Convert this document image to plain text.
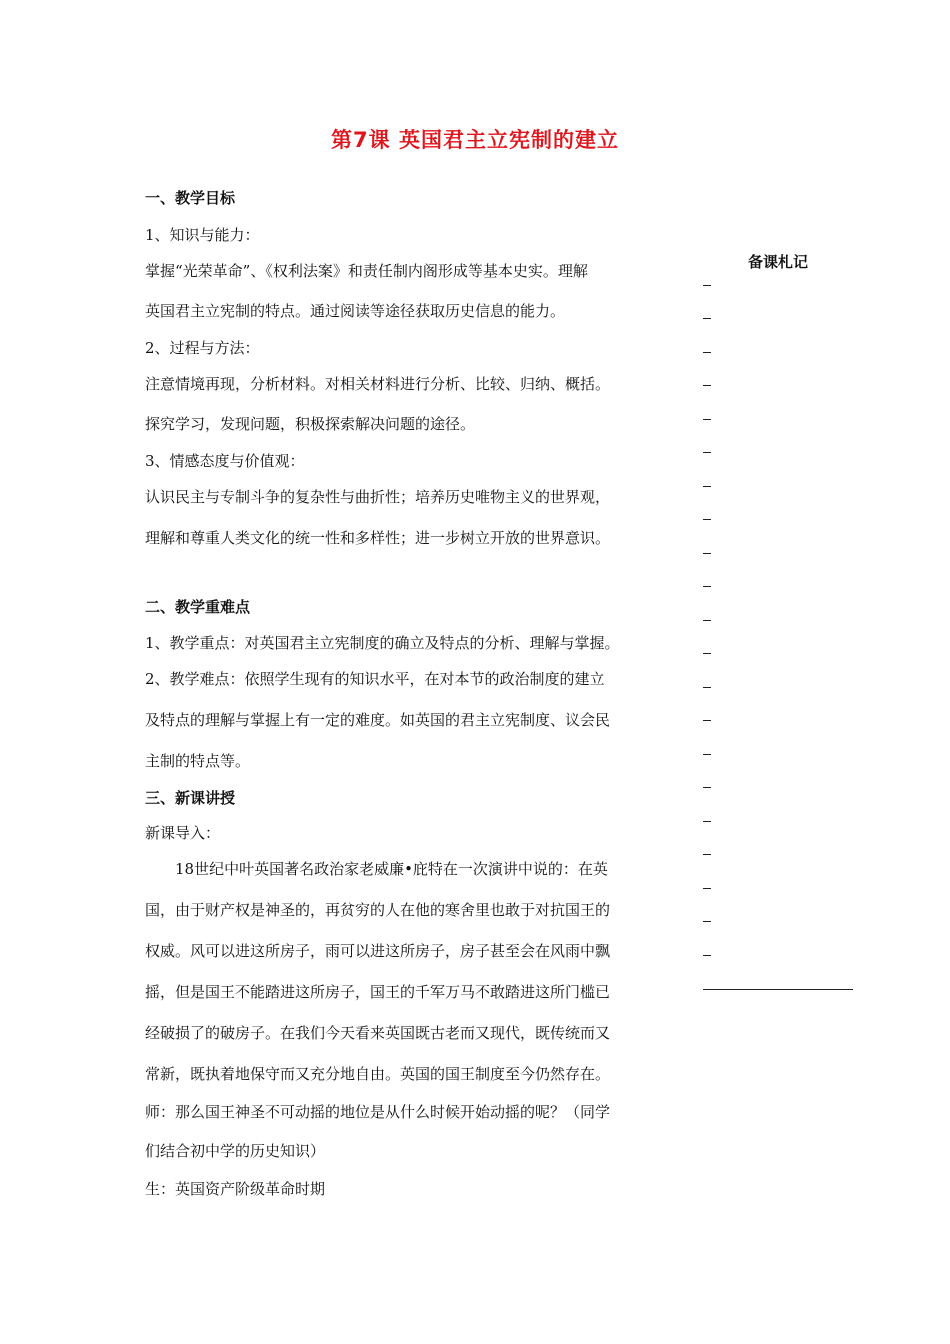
第7课 英国君主立宪制的建立
一、教学目标
1、知识与能力：
掌握“光荣革命”、《权利法案》和责任制内阁形成等基本史实。理解
英国君主立宪制的特点。通过阅读等途径获取历史信息的能力。
2、过程与方法：
注意情境再现，分析材料。对相关材料进行分析、比较、归纳、概括。
探究学习，发现问题，积极探索解决问题的途径。
3、情感态度与价值观：
认识民主与专制斗争的复杂性与曲折性；培养历史唯物主义的世界观，
理解和尊重人类文化的统一性和多样性；进一步树立开放的世界意识。
二、教学重难点
1、教学重点：对英国君主立宪制度的确立及特点的分析、理解与掌握。
2、教学难点：依照学生现有的知识水平，在对本节的政治制度的建立
及特点的理解与掌握上有一定的难度。如英国的君主立宪制度、议会民
主制的特点等。
三、新课讲授
新课导入：
18世纪中叶英国著名政治家老威廉•庇特在一次演讲中说的：在英
国，由于财产权是神圣的，再贫穷的人在他的寒舍里也敢于对抗国王的
权威。风可以进这所房子，雨可以进这所房子，房子甚至会在风雨中飘
摇，但是国王不能踏进这所房子，国王的千军万马不敢踏进这所门槛已
经破损了的破房子。在我们今天看来英国既古老而又现代，既传统而又
常新，既执着地保守而又充分地自由。英国的国王制度至今仍然存在。
师：那么国王神圣不可动摇的地位是从什么时候开始动摇的呢？（同学
们结合初中学的历史知识）
生：英国资产阶级革命时期
备课札记
